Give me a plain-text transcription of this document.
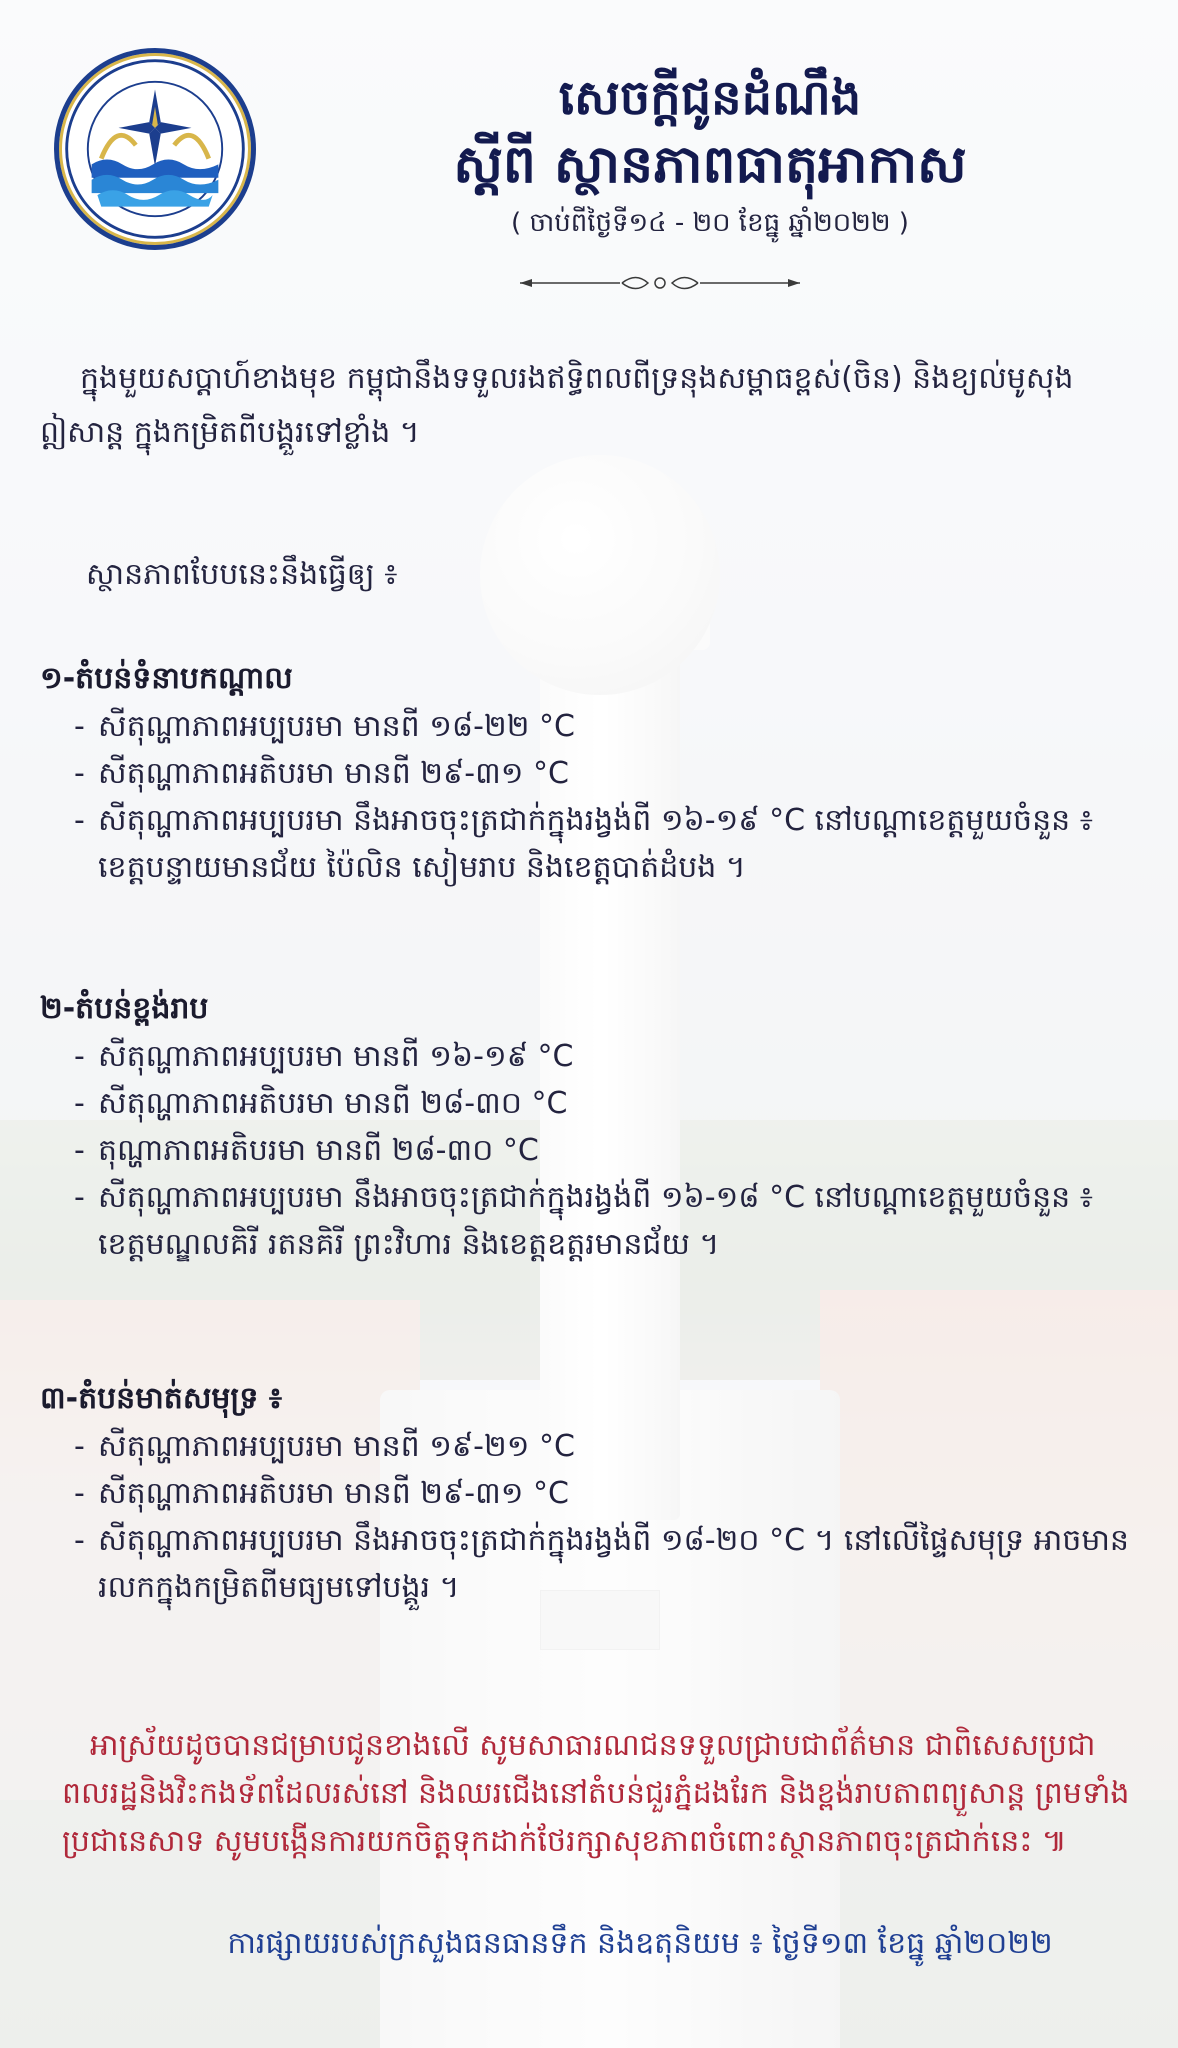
សេចក្ដីជូនដំណឹង
ស្ដីពី ស្ថានភាពធាតុអាកាស
( ចាប់ពីថ្ងៃទី១៤ - ២០ ខែធ្នូ ឆ្នាំ២០២២ )

ក្នុងមួយសប្ដាហ៍ខាងមុខ កម្ពុជានឹងទទួលរងឥទ្ធិពលពីទ្រនុងសម្ពាធខ្ពស់(ចិន) និងខ្យល់មូសុងឦសាន្ត ក្នុងកម្រិតពីបង្គួរទៅខ្លាំង ។

ស្ថានភាពបែបនេះនឹងធ្វើឲ្យ ៖

១-តំបន់ទំនាបកណ្ដាល
- សីតុណ្ហាភាពអប្បបរមា មានពី ១៨-២២ °C
- សីតុណ្ហាភាពអតិបរមា មានពី ២៩-៣១ °C
- សីតុណ្ហាភាពអប្បបរមា នឹងអាចចុះត្រជាក់ក្នុងរង្វង់ពី ១៦-១៩ °C នៅបណ្ដាខេត្តមួយចំនួន ៖ ខេត្តបន្ទាយមានជ័យ ប៉ៃលិន សៀមរាប និងខេត្តបាត់ដំបង ។
២-តំបន់ខ្ពង់រាប
- សីតុណ្ហាភាពអប្បបរមា មានពី ១៦-១៩ °C
- សីតុណ្ហាភាពអតិបរមា មានពី ២៨-៣០ °C
- តុណ្ហាភាពអតិបរមា មានពី ២៨-៣០ °C
- សីតុណ្ហាភាពអប្បបរមា នឹងអាចចុះត្រជាក់ក្នុងរង្វង់ពី ១៦-១៨ °C នៅបណ្ដាខេត្តមួយចំនួន ៖ ខេត្តមណ្ឌលគិរី រតនគិរី ព្រះវិហារ និងខេត្តឧត្តរមានជ័យ ។
៣-តំបន់មាត់សមុទ្រ ៖
- សីតុណ្ហាភាពអប្បបរមា មានពី ១៩-២១ °C
- សីតុណ្ហាភាពអតិបរមា មានពី ២៩-៣១ °C
- សីតុណ្ហាភាពអប្បបរមា នឹងអាចចុះត្រជាក់ក្នុងរង្វង់ពី ១៨-២០ °C ។ នៅលើផ្ទៃសមុទ្រ អាចមានរលកក្នុងកម្រិតពីមធ្យមទៅបង្គួរ ។

អាស្រ័យដូចបានជម្រាបជូនខាងលើ សូមសាធារណជនទទួលជ្រាបជាព័ត៌មាន ជាពិសេសប្រជាពលរដ្ឋនិងវិះកងទ័ពដែលរស់នៅ និងឈរជើងនៅតំបន់ជួរភ្នំដងរែក និងខ្ពង់រាបតាពព្យួសាន្ត ព្រមទាំងប្រជានេសាទ សូមបង្កើនការយកចិត្តទុកដាក់ថែរក្សាសុខភាពចំពោះស្ថានភាពចុះត្រជាក់នេះ ៕

ការផ្សាយរបស់ក្រសួងធនធានទឹក និងឧតុនិយម ៖ ថ្ងៃទី១៣ ខែធ្នូ ឆ្នាំ២០២២
